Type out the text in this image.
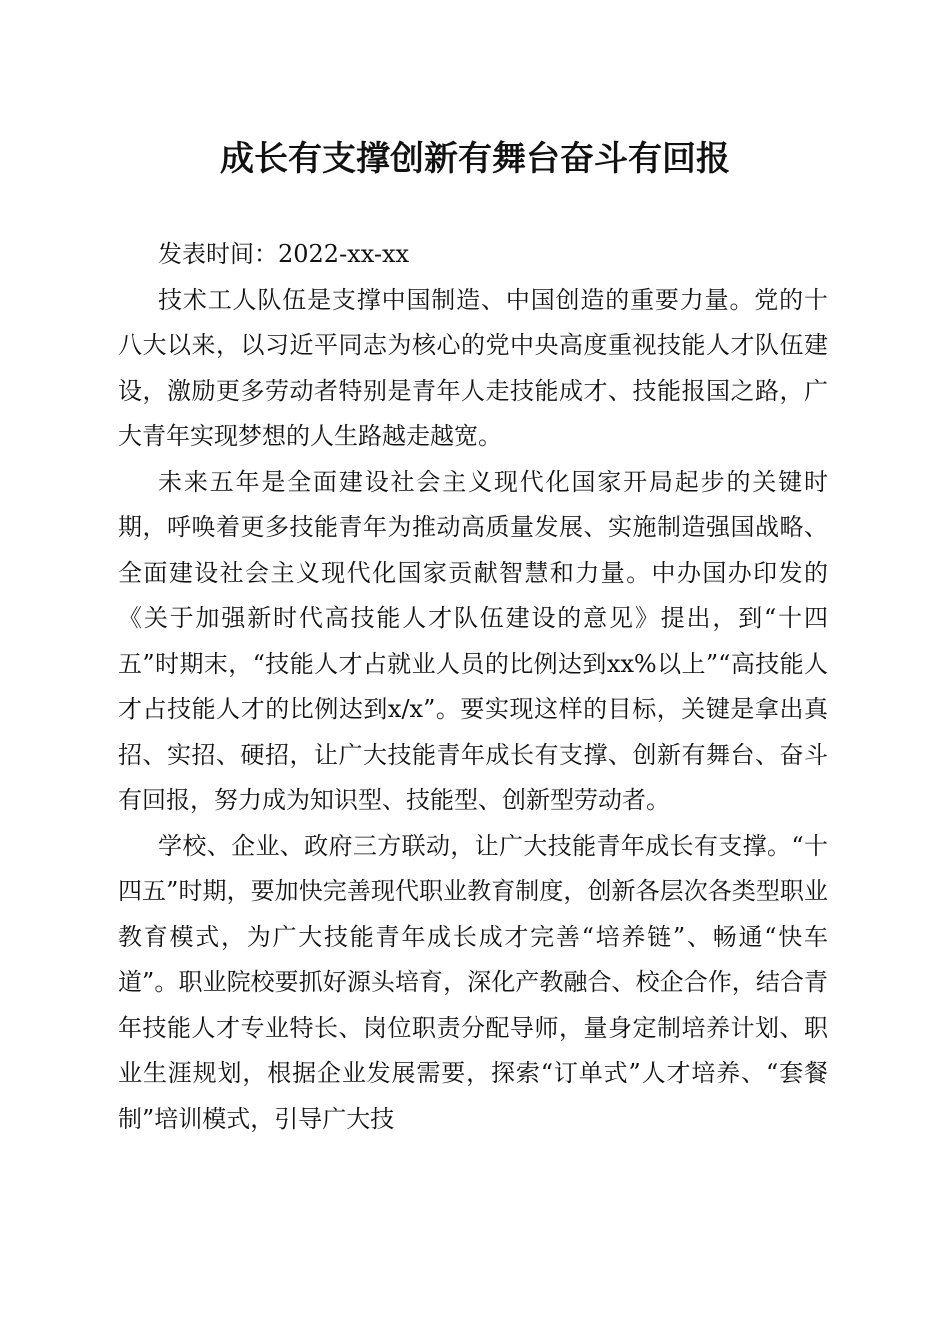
成长有支撑创新有舞台奋斗有回报

发表时间：2022-xx-xx

技术工人队伍是支撑中国制造、中国创造的重要力量。党的十八大以来，以习近平同志为核心的党中央高度重视技能人才队伍建设，激励更多劳动者特别是青年人走技能成才、技能报国之路，广大青年实现梦想的人生路越走越宽。

未来五年是全面建设社会主义现代化国家开局起步的关键时期，呼唤着更多技能青年为推动高质量发展、实施制造强国战略、全面建设社会主义现代化国家贡献智慧和力量。中办国办印发的《关于加强新时代高技能人才队伍建设的意见》提出，到“十四五”时期末，“技能人才占就业人员的比例达到xx%以上”“高技能人才占技能人才的比例达到x/x”。要实现这样的目标，关键是拿出真招、实招、硬招，让广大技能青年成长有支撑、创新有舞台、奋斗有回报，努力成为知识型、技能型、创新型劳动者。

学校、企业、政府三方联动，让广大技能青年成长有支撑。“十四五”时期，要加快完善现代职业教育制度，创新各层次各类型职业教育模式，为广大技能青年成长成才完善“培养链”、畅通“快车道”。职业院校要抓好源头培育，深化产教融合、校企合作，结合青年技能人才专业特长、岗位职责分配导师，量身定制培养计划、职业生涯规划，根据企业发展需要，探索“订单式”人才培养、“套餐制”培训模式，引导广大技
